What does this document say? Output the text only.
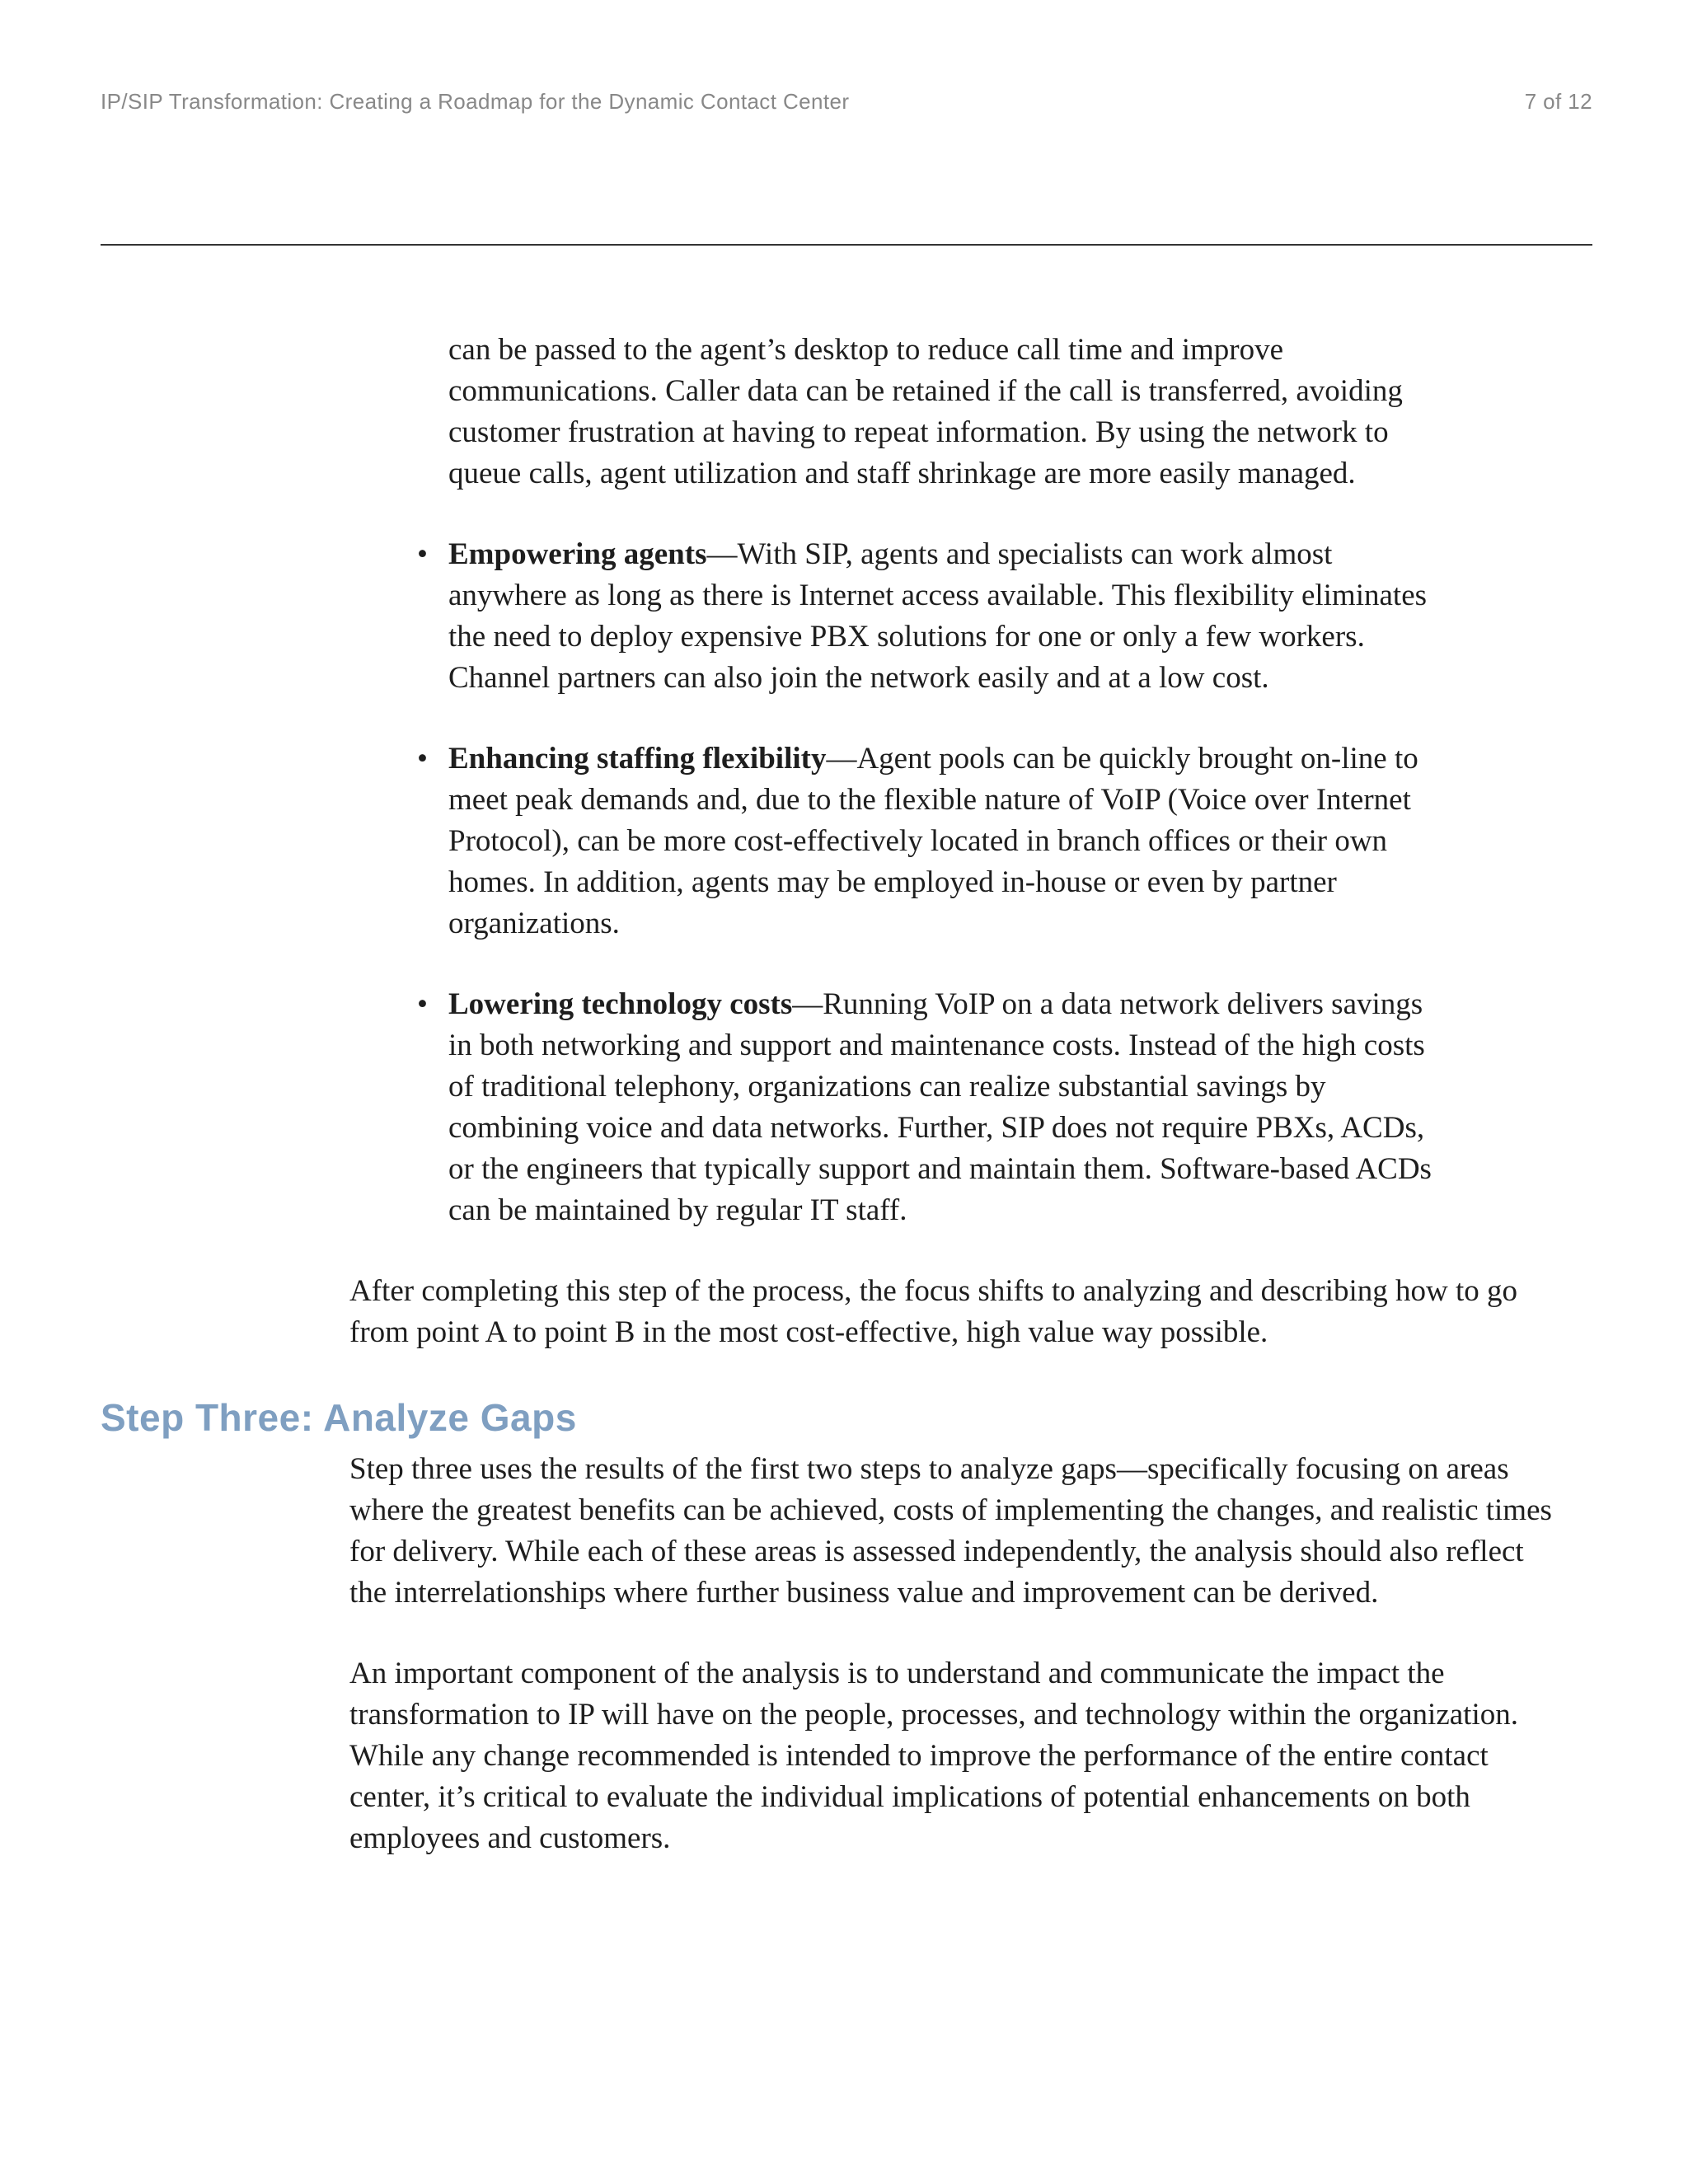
IP/SIP Transformation: Creating a Roadmap for the Dynamic Contact Center	7 of 12

can be passed to the agent’s desktop to reduce call time and improve communications. Caller data can be retained if the call is transferred, avoiding customer frustration at having to repeat information. By using the network to queue calls, agent utilization and staff shrinkage are more easily managed.

• Empowering agents—With SIP, agents and specialists can work almost anywhere as long as there is Internet access available. This flexibility eliminates the need to deploy expensive PBX solutions for one or only a few workers. Channel partners can also join the network easily and at a low cost.
• Enhancing staffing flexibility—Agent pools can be quickly brought on-line to meet peak demands and, due to the flexible nature of VoIP (Voice over Internet Protocol), can be more cost-effectively located in branch offices or their own homes. In addition, agents may be employed in-house or even by partner organizations.
• Lowering technology costs—Running VoIP on a data network delivers savings in both networking and support and maintenance costs. Instead of the high costs of traditional telephony, organizations can realize substantial savings by combining voice and data networks. Further, SIP does not require PBXs, ACDs, or the engineers that typically support and maintain them. Software-based ACDs can be maintained by regular IT staff.

After completing this step of the process, the focus shifts to analyzing and describing how to go from point A to point B in the most cost-effective, high value way possible.

Step Three: Analyze Gaps

Step three uses the results of the first two steps to analyze gaps—specifically focusing on areas where the greatest benefits can be achieved, costs of implementing the changes, and realistic times for delivery. While each of these areas is assessed independently, the analysis should also reflect the interrelationships where further business value and improvement can be derived.

An important component of the analysis is to understand and communicate the impact the transformation to IP will have on the people, processes, and technology within the organization. While any change recommended is intended to improve the performance of the entire contact center, it’s critical to evaluate the individual implications of potential enhancements on both employees and customers.
